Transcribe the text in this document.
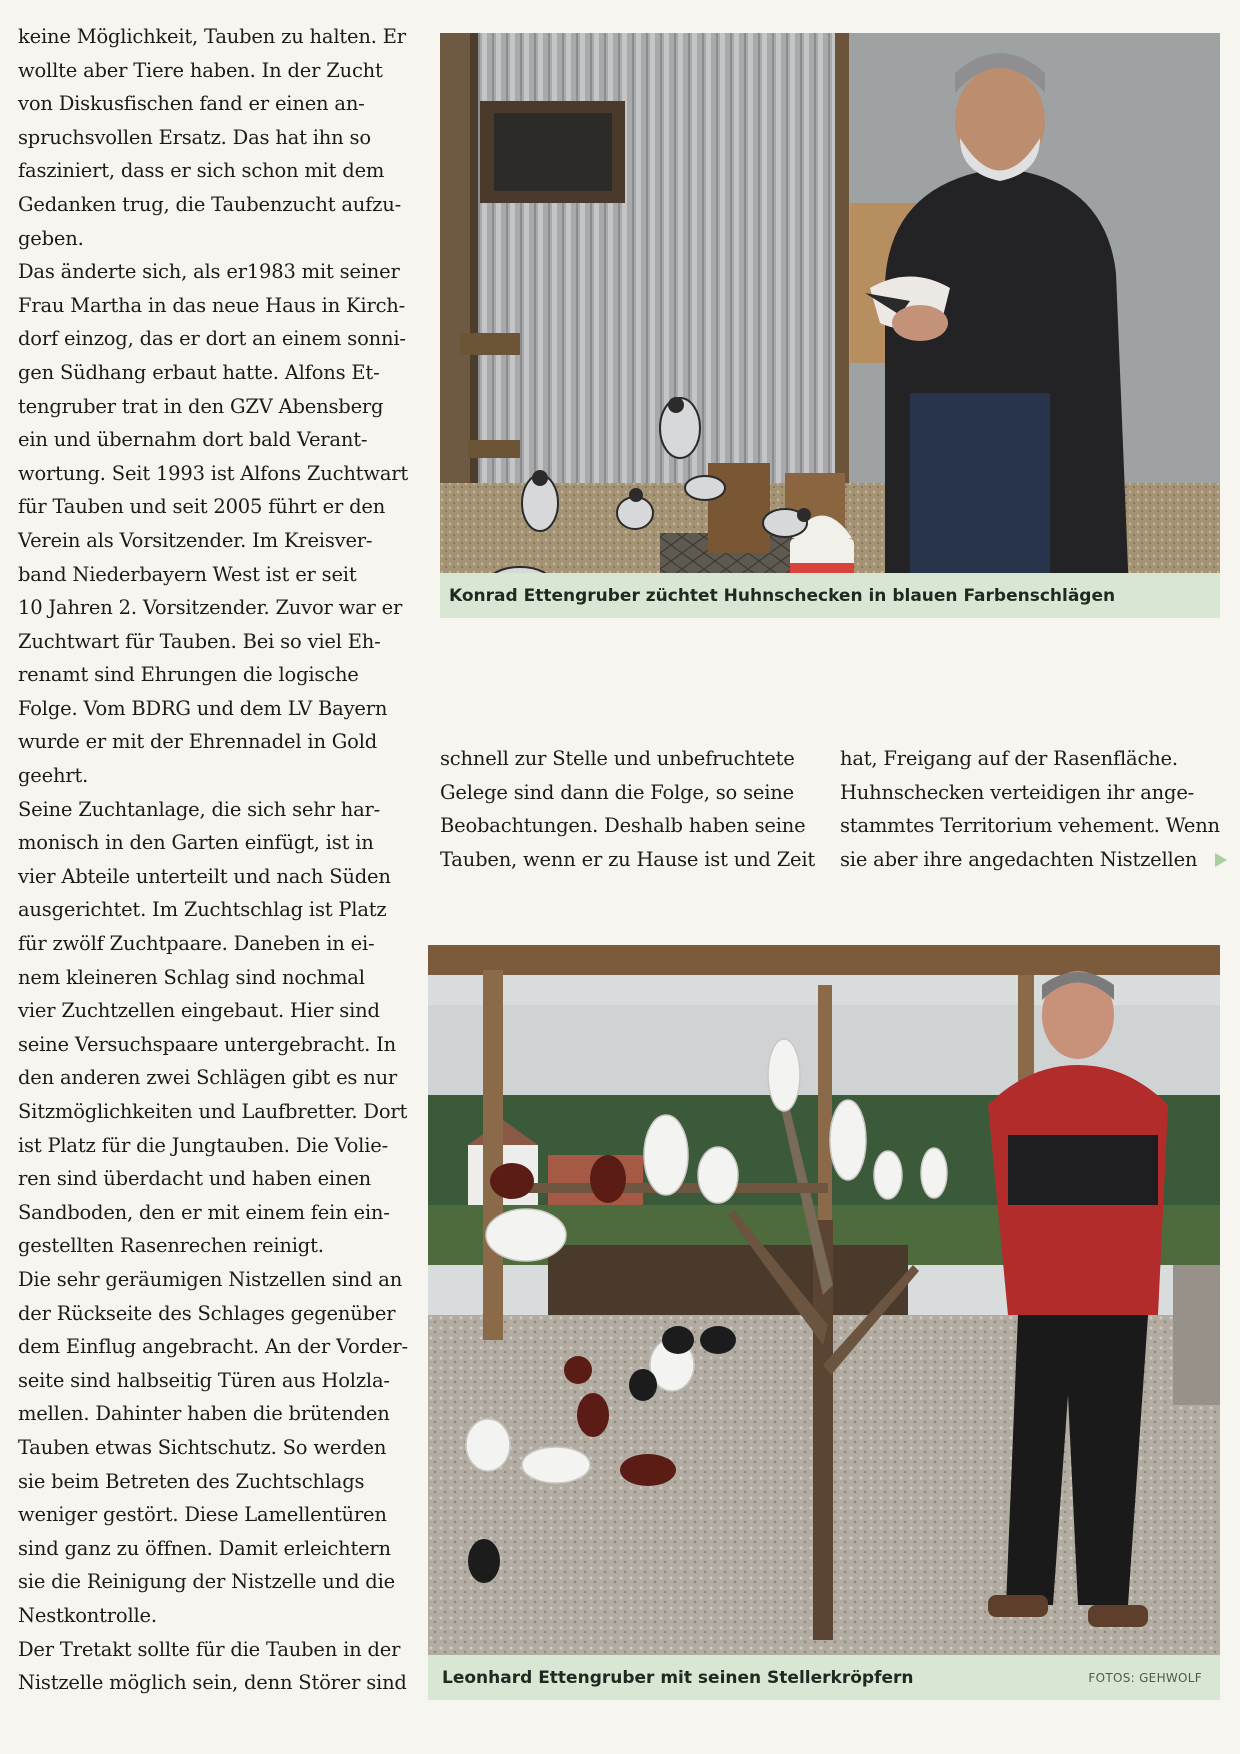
keine Möglichkeit, Tauben zu halten. Er
wollte aber Tiere haben. In der Zucht
von Diskusfischen fand er einen an-
spruchsvollen Ersatz. Das hat ihn so
fasziniert, dass er sich schon mit dem
Gedanken trug, die Taubenzucht aufzu-
geben.
Das änderte sich, als er1983 mit seiner
Frau Martha in das neue Haus in Kirch-
dorf einzog, das er dort an einem sonni-
gen Südhang erbaut hatte. Alfons Et-
tengruber trat in den GZV Abensberg
ein und übernahm dort bald Verant-
wortung. Seit 1993 ist Alfons Zuchtwart
für Tauben und seit 2005 führt er den
Verein als Vorsitzender. Im Kreisver-
band Niederbayern West ist er seit
10 Jahren 2. Vorsitzender. Zuvor war er
Zuchtwart für Tauben. Bei so viel Eh-
renamt sind Ehrungen die logische
Folge. Vom BDRG und dem LV Bayern
wurde er mit der Ehrennadel in Gold
geehrt.
Seine Zuchtanlage, die sich sehr har-
monisch in den Garten einfügt, ist in
vier Abteile unterteilt und nach Süden
ausgerichtet. Im Zuchtschlag ist Platz
für zwölf Zuchtpaare. Daneben in ei-
nem kleineren Schlag sind nochmal
vier Zuchtzellen eingebaut. Hier sind
seine Versuchspaare untergebracht. In
den anderen zwei Schlägen gibt es nur
Sitzmöglichkeiten und Laufbretter. Dort
ist Platz für die Jungtauben. Die Volie-
ren sind überdacht und haben einen
Sandboden, den er mit einem fein ein-
gestellten Rasenrechen reinigt.
Die sehr geräumigen Nistzellen sind an
der Rückseite des Schlages gegenüber
dem Einflug angebracht. An der Vorder-
seite sind halbseitig Türen aus Holzla-
mellen. Dahinter haben die brütenden
Tauben etwas Sichtschutz. So werden
sie beim Betreten des Zuchtschlags
weniger gestört. Diese Lamellentüren
sind ganz zu öffnen. Damit erleichtern
sie die Reinigung der Nistzelle und die
Nestkontrolle.
Der Tretakt sollte für die Tauben in der
Nistzelle möglich sein, denn Störer sind
Konrad Ettengruber züchtet Huhnschecken in blauen Farbenschlägen
schnell zur Stelle und unbefruchtete
Gelege sind dann die Folge, so seine
Beobachtungen. Deshalb haben seine
Tauben, wenn er zu Hause ist und Zeit
hat, Freigang auf der Rasenfläche.
Huhnschecken verteidigen ihr ange-
stammtes Territorium vehement. Wenn
sie aber ihre angedachten Nistzellen
Leonhard Ettengruber mit seinen Stellerkröpfern	FOTOS: GEHWOLF
